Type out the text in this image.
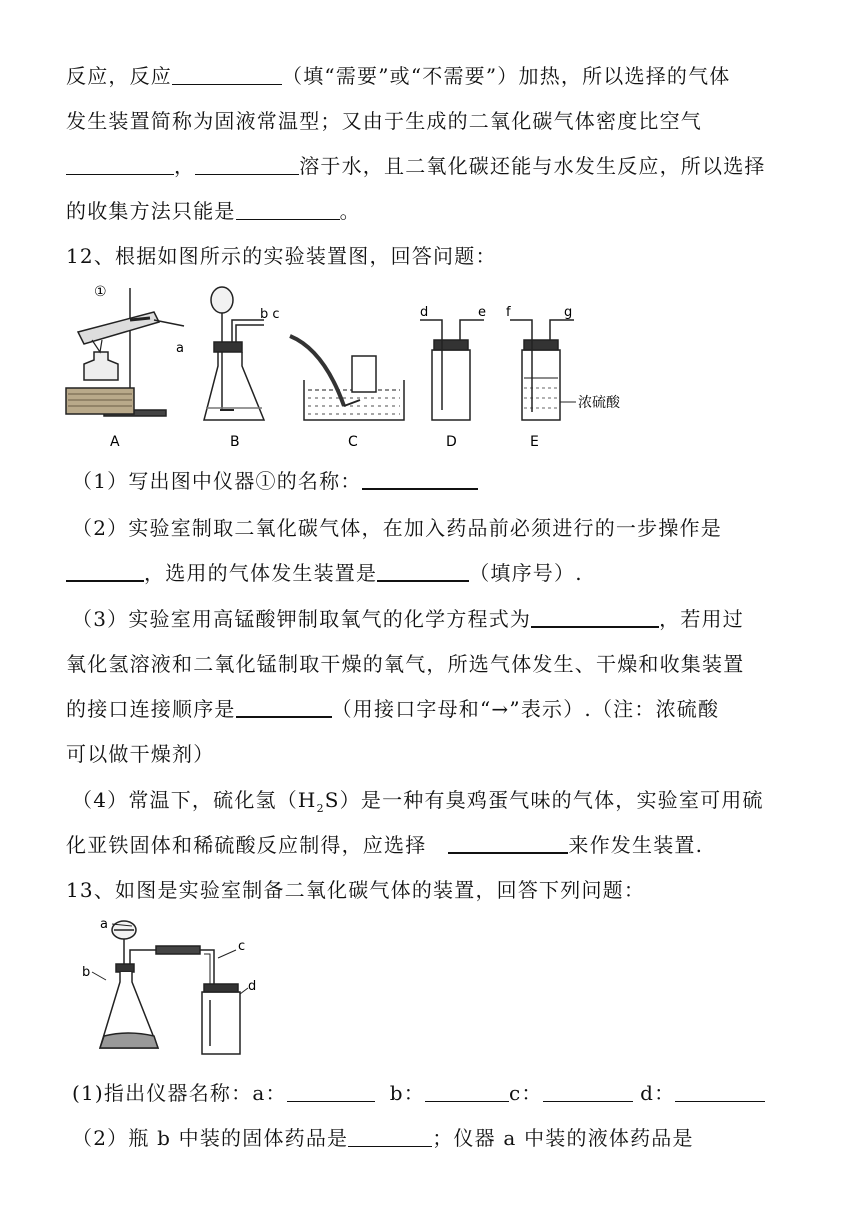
反应，反应	（填“需要”或“不需要”）加热，所以选择的气体
发生装置简称为固液常温型；又由于生成的二氧化碳气体密度比空气
，	溶于水，且二氧化碳还能与水发生反应，所以选择
的收集方法只能是	。
12、根据如图所示的实验装置图，回答问题：
①
a
b c	d	e f	g
浓硫酸
A	B	C	D	E
（1）写出图中仪器①的名称：
（2）实验室制取二氧化碳气体，在加入药品前必须进行的一步操作是
，选用的气体发生装置是	（填序号）.
（3）实验室用高锰酸钾制取氧气的化学方程式为	，若用过
氧化氢溶液和二氧化锰制取干燥的氧气，所选气体发生、干燥和收集装置
的接口连接顺序是	（用接口字母和“→”表示）.（注：浓硫酸
可以做干燥剂）
（4）常温下，硫化氢$(H_2S)$是一种有臭鸡蛋气味的气体，实验室可用硫
化亚铁固体和稀硫酸反应制得，应选择	来作发生装置.
13、如图是实验室制备二氧化碳气体的装置，回答下列问题：
a
b
c
d
(1)指出仪器名称：a：	b：	c：	d：
（2）瓶 b 中装的固体药品是	；仪器 a 中装的液体药品是
